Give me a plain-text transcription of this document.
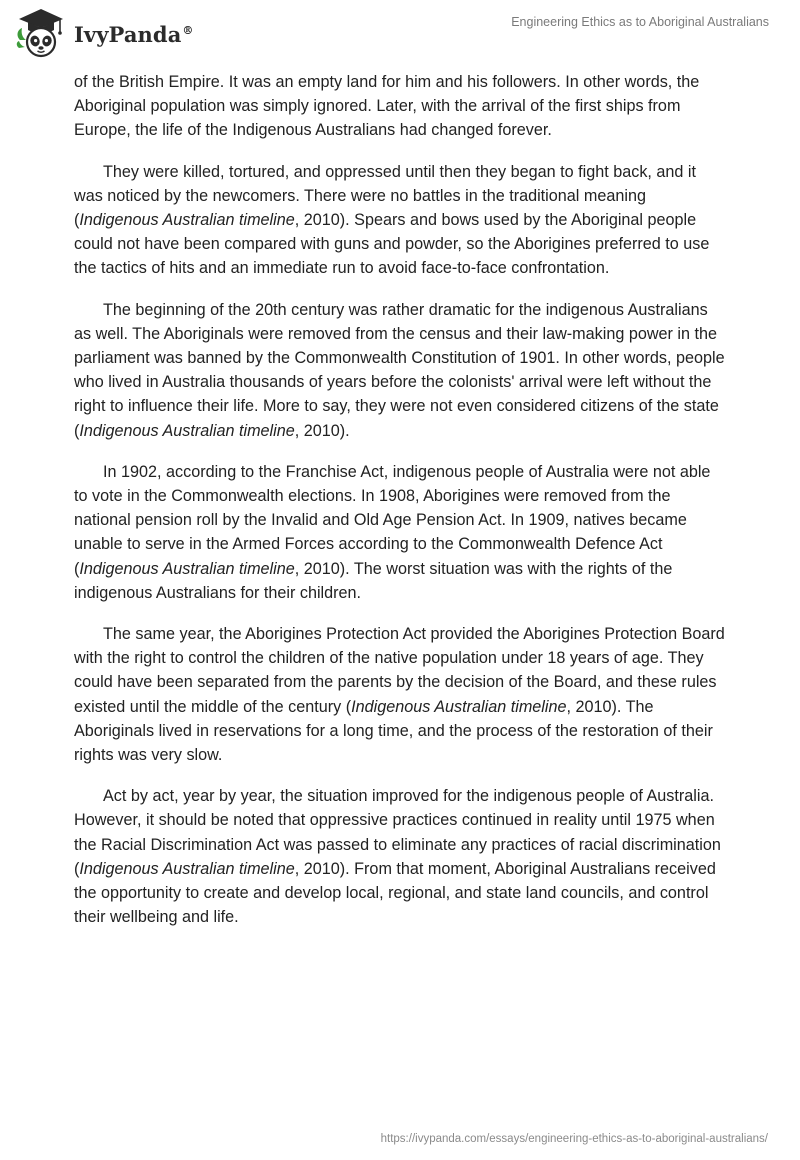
IvyPanda®
Engineering Ethics as to Aboriginal Australians

of the British Empire. It was an empty land for him and his followers. In other words, the Aboriginal population was simply ignored. Later, with the arrival of the first ships from Europe, the life of the Indigenous Australians had changed forever.

They were killed, tortured, and oppressed until then they began to fight back, and it was noticed by the newcomers. There were no battles in the traditional meaning (Indigenous Australian timeline, 2010). Spears and bows used by the Aboriginal people could not have been compared with guns and powder, so the Aborigines preferred to use the tactics of hits and an immediate run to avoid face-to-face confrontation.

The beginning of the 20th century was rather dramatic for the indigenous Australians as well. The Aboriginals were removed from the census and their law-making power in the parliament was banned by the Commonwealth Constitution of 1901. In other words, people who lived in Australia thousands of years before the colonists' arrival were left without the right to influence their life. More to say, they were not even considered citizens of the state (Indigenous Australian timeline, 2010).

In 1902, according to the Franchise Act, indigenous people of Australia were not able to vote in the Commonwealth elections. In 1908, Aborigines were removed from the national pension roll by the Invalid and Old Age Pension Act. In 1909, natives became unable to serve in the Armed Forces according to the Commonwealth Defence Act (Indigenous Australian timeline, 2010). The worst situation was with the rights of the indigenous Australians for their children.

The same year, the Aborigines Protection Act provided the Aborigines Protection Board with the right to control the children of the native population under 18 years of age. They could have been separated from the parents by the decision of the Board, and these rules existed until the middle of the century (Indigenous Australian timeline, 2010). The Aboriginals lived in reservations for a long time, and the process of the restoration of their rights was very slow.

Act by act, year by year, the situation improved for the indigenous people of Australia. However, it should be noted that oppressive practices continued in reality until 1975 when the Racial Discrimination Act was passed to eliminate any practices of racial discrimination (Indigenous Australian timeline, 2010). From that moment, Aboriginal Australians received the opportunity to create and develop local, regional, and state land councils, and control their wellbeing and life.

https://ivypanda.com/essays/engineering-ethics-as-to-aboriginal-australians/
